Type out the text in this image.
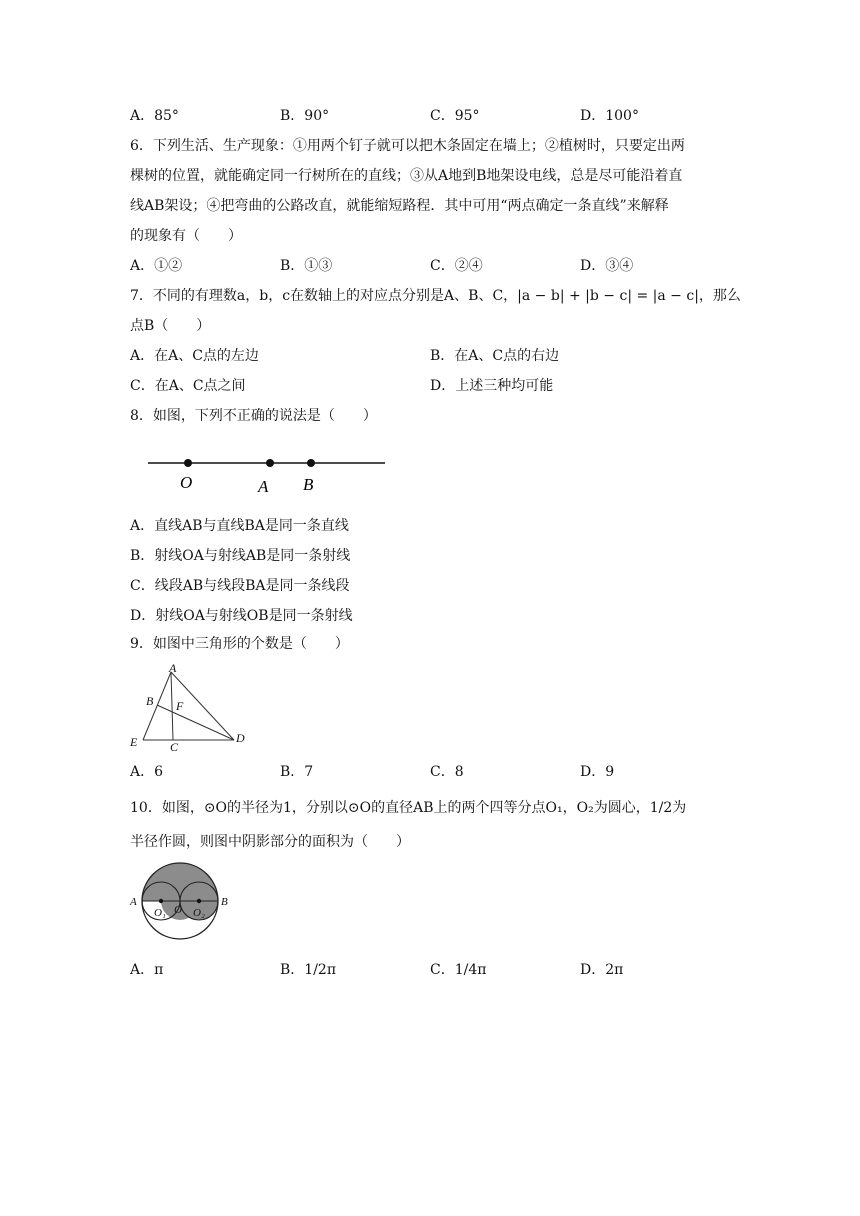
A．85°	B．90°	C．95°	D．100°
6．下列生活、生产现象：①用两个钉子就可以把木条固定在墙上；②植树时，只要定出两
棵树的位置，就能确定同一行树所在的直线；③从A地到B地架设电线，总是尽可能沿着直
线AB架设；④把弯曲的公路改直，就能缩短路程．其中可用“两点确定一条直线”来解释
的现象有（　　）
A．①②	B．①③	C．②④	D．③④
7．不同的有理数a，b，c在数轴上的对应点分别是A、B、C，|a − b| + |b − c| = |a − c|，那么
点B（　　）
A．在A、C点的左边	B．在A、C点的右边
C．在A、C点之间	D．上述三种均可能
8．如图，下列不正确的说法是（　　）
O	A B
A．直线AB与直线BA是同一条直线
B．射线OA与射线AB是同一条射线
C．线段AB与线段BA是同一条线段
D．射线OA与射线OB是同一条射线
9．如图中三角形的个数是（　　）
A
B F
E	C
D
A．6	B．7	C．8	D．9
10．如图，⊙O的半径为1，分别以⊙O的直径AB上的两个四等分点O₁，O₂为圆心，1/2为
半径作圆，则图中阴影部分的面积为（　　）
A
O₁ O O₂
B
A．π	B．1/2π	C．1/4π	D．2π
